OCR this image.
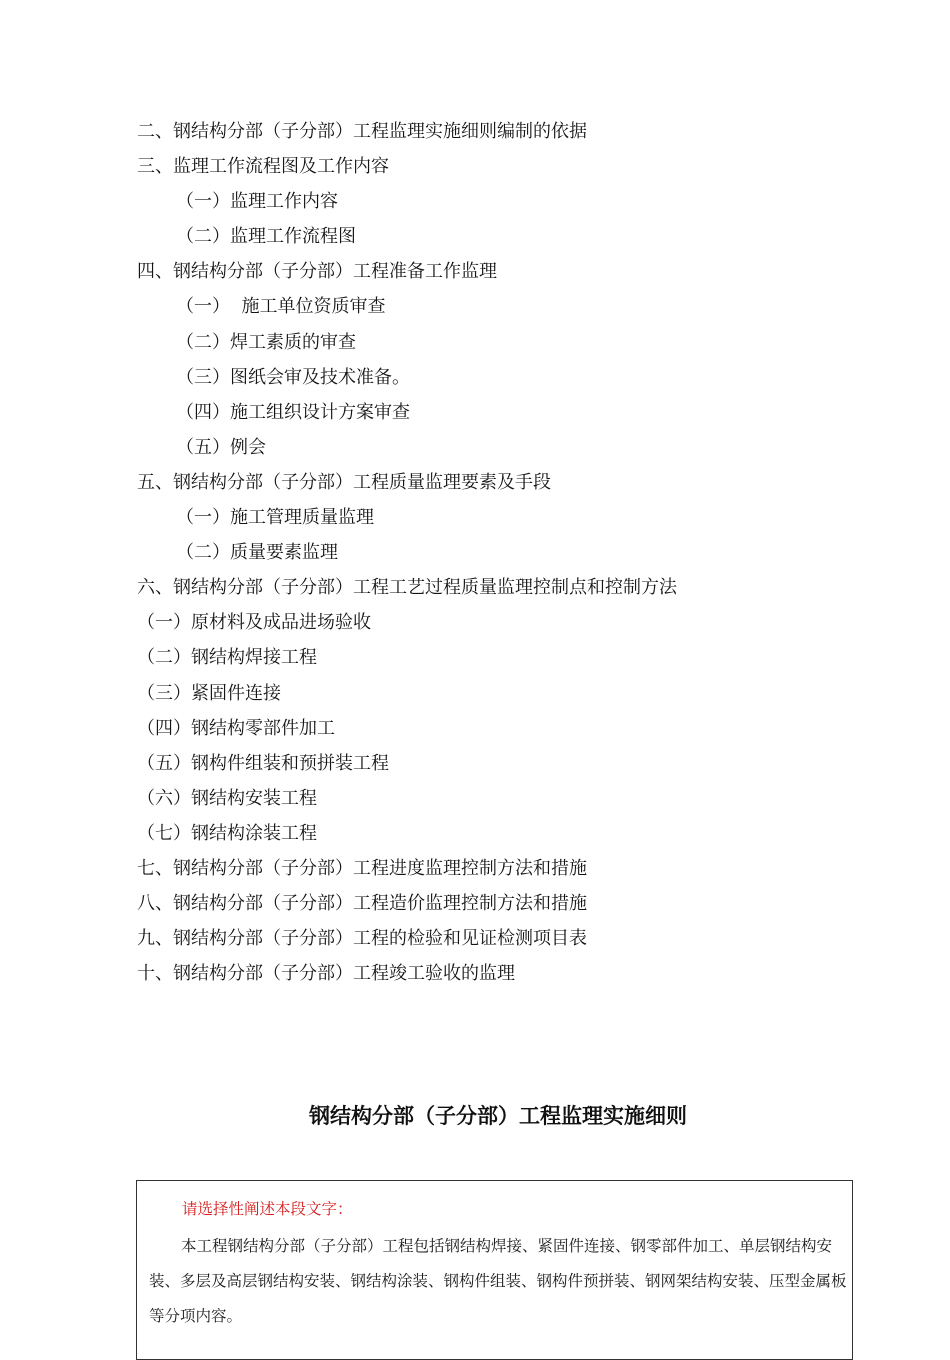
二、钢结构分部（子分部）工程监理实施细则编制的依据
三、监理工作流程图及工作内容
（一）监理工作内容
（二）监理工作流程图
四、钢结构分部（子分部）工程准备工作监理
（一）  施工单位资质审查
（二）焊工素质的审查
（三）图纸会审及技术准备。
（四）施工组织设计方案审查
（五）例会
五、钢结构分部（子分部）工程质量监理要素及手段
（一）施工管理质量监理
（二）质量要素监理
六、钢结构分部（子分部）工程工艺过程质量监理控制点和控制方法
（一）原材料及成品进场验收
（二）钢结构焊接工程
（三）紧固件连接
（四）钢结构零部件加工
（五）钢构件组装和预拼装工程
（六）钢结构安装工程
（七）钢结构涂装工程
七、钢结构分部（子分部）工程进度监理控制方法和措施
八、钢结构分部（子分部）工程造价监理控制方法和措施
九、钢结构分部（子分部）工程的检验和见证检测项目表
十、钢结构分部（子分部）工程竣工验收的监理
钢结构分部（子分部）工程监理实施细则
请选择性阐述本段文字：

本工程钢结构分部（子分部）工程包括钢结构焊接、紧固件连接、钢零部件加工、单层钢结构安装、多层及高层钢结构安装、钢结构涂装、钢构件组装、钢构件预拼装、钢网架结构安装、压型金属板等分项内容。
